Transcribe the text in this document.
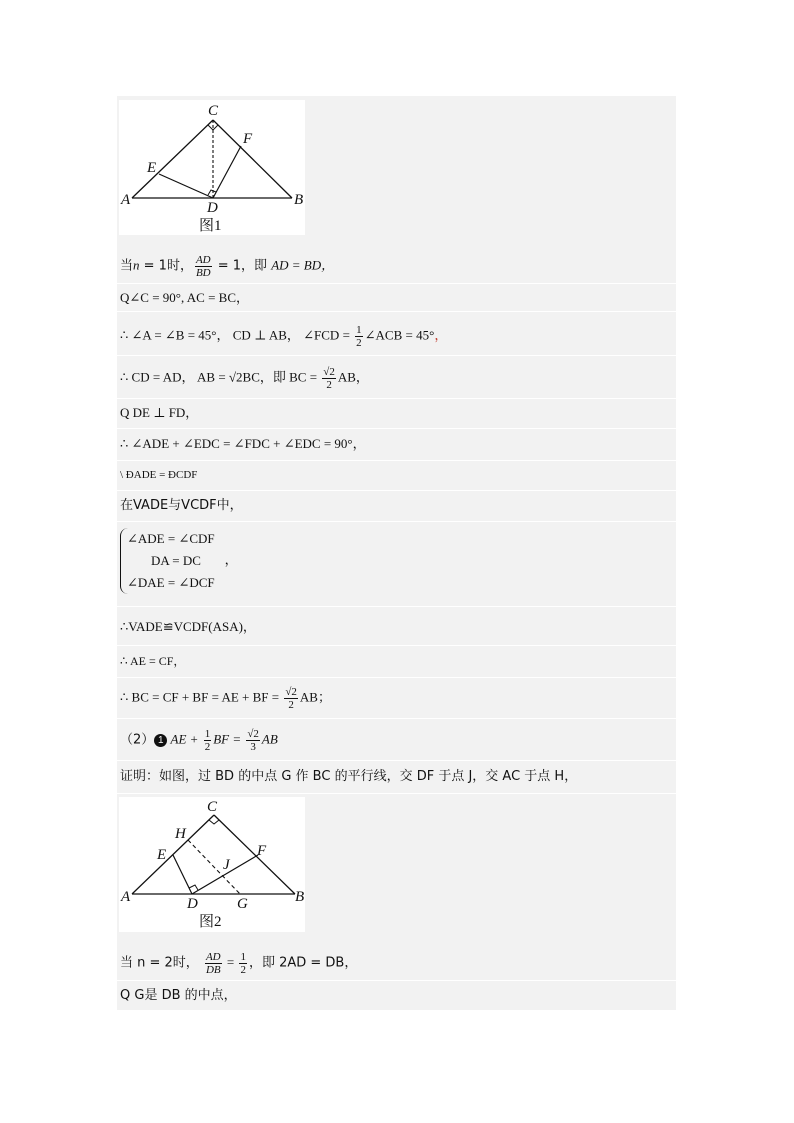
C
F
E
A	D	B
图1
当n = 1时， $\frac{AD}{BD} = 1$，即 AD = BD，
Q∠C = 90°, AC = BC，
∴ ∠A = ∠B = 45°， CD ⊥ AB， ∠FCD = $\frac{1}{2}$ ∠ACB = 45°，
∴ CD = AD， AB = √2BC，即 BC = $\frac{√2}{2}$ AB，
Q DE ⊥ FD，
∴ ∠ADE + ∠EDC = ∠FDC + ∠EDC = 90°，
\ ÐADE = ÐCDF
在VADE与VCDF中，
∠ADE = ∠CDF
DA = DC
∠DAE = ∠DCF
，
∴VADE≌VCDF(ASA)，
∴ AE = CF，
∴ BC = CF + BF = AE + BF = $\frac{√2}{2}$ AB；
（2） 1 AE + $\frac{1}{2}$ BF = $\frac{√2}{3}$ AB
证明：如图，过 BD 的中点 G 作 BC 的平行线，交 DF 于点 J，交 AC 于点 H，
C
H
E	F
J
A	D	G	B
图2
当 n = 2时， $\frac{AD}{DB} = \frac{1}{2}$ ，即 2AD = DB，
Q G是 DB 的中点，
